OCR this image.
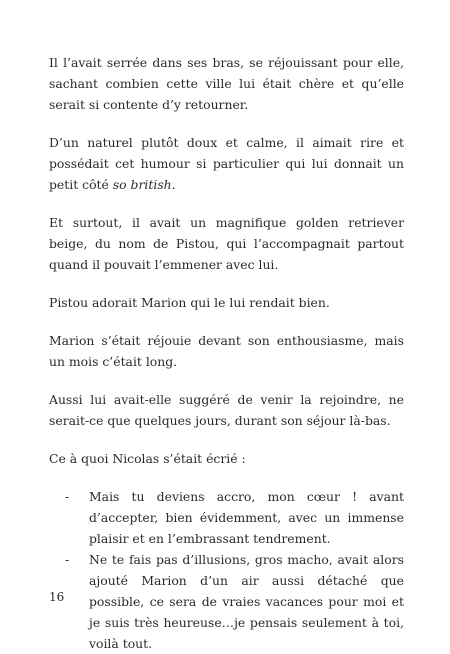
Il l’avait serrée dans ses bras, se réjouissant pour elle, sachant combien cette ville lui était chère et qu’elle serait si contente d’y retourner.

D’un naturel plutôt doux et calme, il aimait rire et possédait cet humour si particulier qui lui donnait un petit côté so british.

Et surtout, il avait un magnifique golden retriever beige, du nom de Pistou, qui l’accompagnait partout quand il pouvait l’emmener avec lui.

Pistou adorait Marion qui le lui rendait bien.

Marion s’était réjouie devant son enthousiasme, mais un mois c’était long.

Aussi lui avait-elle suggéré de venir la rejoindre, ne serait-ce que quelques jours, durant son séjour là-bas.

Ce à quoi Nicolas s’était écrié :

- Mais tu deviens accro, mon cœur ! avant d’accepter, bien évidemment, avec un immense plaisir et en l’embrassant tendrement.
- Ne te fais pas d’illusions, gros macho, avait alors ajouté Marion d’un air aussi détaché que possible, ce sera de vraies vacances pour moi et je suis très heureuse…je pensais seulement à toi, voilà tout.
16
